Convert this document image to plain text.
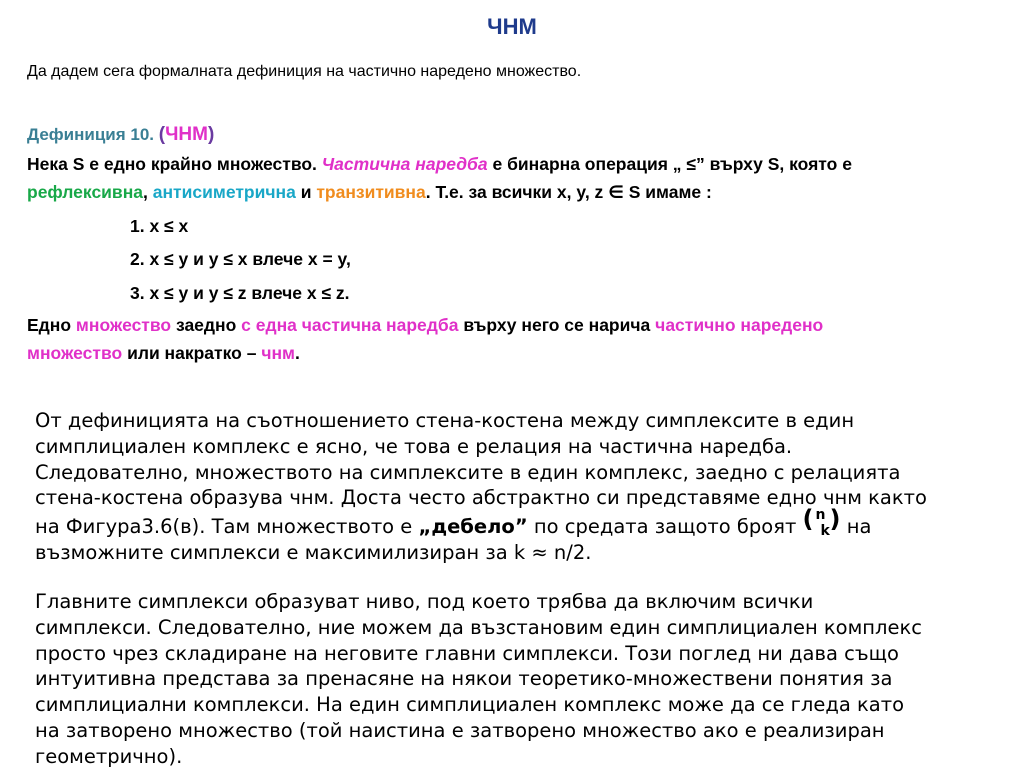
ЧНМ
Да дадем сега формалната дефиниция на частично наредено множество.
Дефиниция 10. (ЧНМ)
Нека S е едно крайно множество. Частична наредба е бинарна операция „ ≤” върху S, която е
рефлексивна, антисиметрична и транзитивна. Т.е. за всички x, y, z ∈ S имаме :
1. x ≤ x
2. x ≤ y и y ≤ x влече x = y,
3. x ≤ y и y ≤ z влече x ≤ z.
Едно множество заедно с една частична наредба върху него се нарича частично наредено
множество или накратко – чнм.
От дефиницията на съотношението стена-костена между симплексите в един
симплициален комплекс е ясно, че това е релация на частична наредба.
Следователно, множеството на симплексите в един комплекс, заедно с релацията
стена-костена образува чнм. Доста често абстрактно си представяме едно чнм както
на Фигура3.6(в). Там множеството е „дебело” по средата защото броят ( n
k ) на
възможните симплекси е максимилизиран за k ≈ n/2.
Главните симплекси образуват ниво, под което трябва да включим всички
симплекси. Следователно, ние можем да възстановим един симплициален комплекс
просто чрез складиране на неговите главни симплекси. Този поглед ни дава също
интуитивна представа за пренасяне на някои теоретико-множествени понятия за
симплициални комплекси. На един симплициален комплекс може да се гледа като
на затворено множество (той наистина е затворено множество ако е реализиран
геометрично).
